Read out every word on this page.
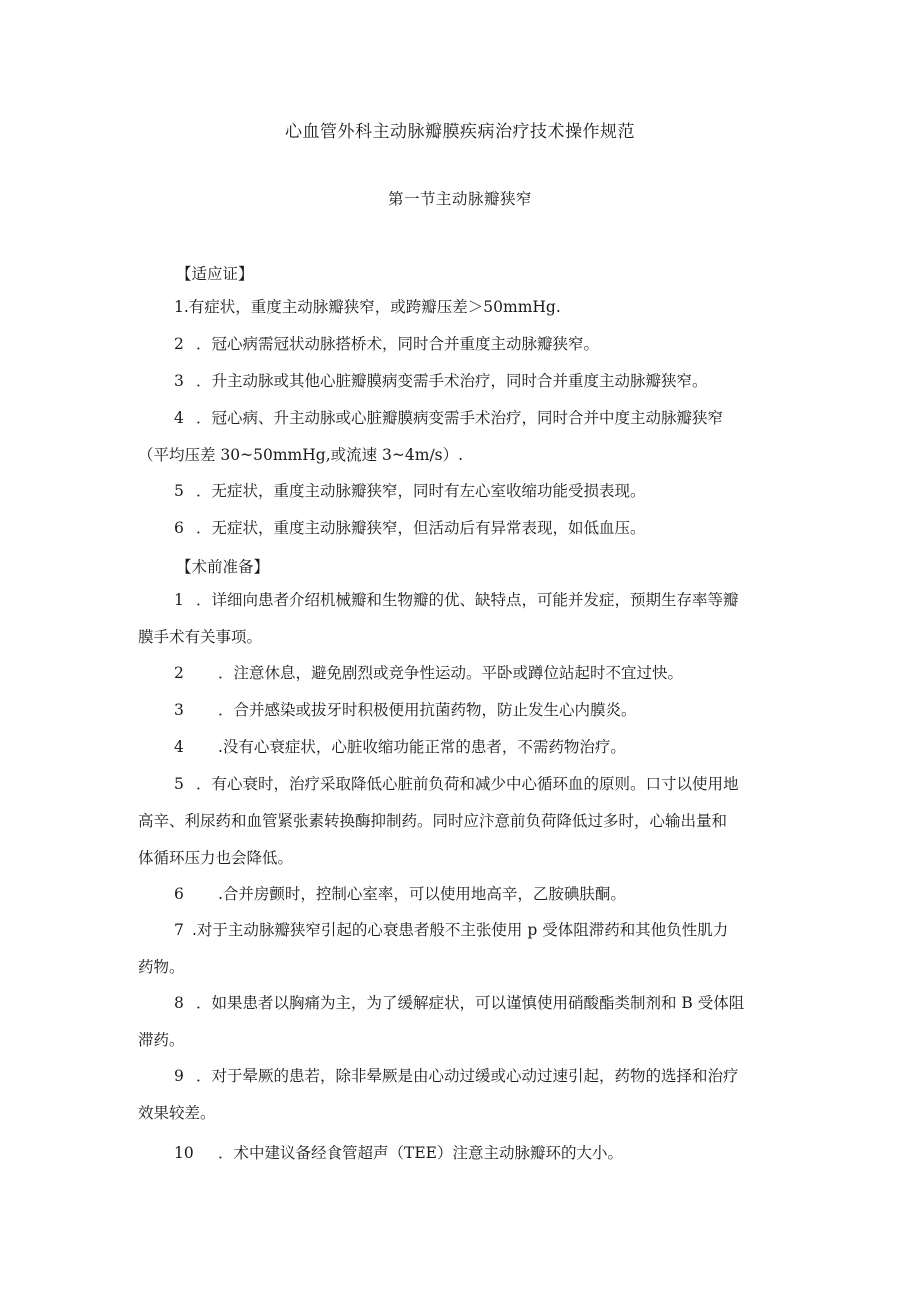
心血管外科主动脉瓣膜疾病治疗技术操作规范
第一节主动脉瓣狭窄
【适应证】
1.有症状，重度主动脉瓣狭窄，或跨瓣压差＞50mmHg.
2 ．冠心病需冠状动脉搭桥术，同时合并重度主动脉瓣狭窄。
3 ．升主动脉或其他心脏瓣膜病变需手术治疗，同时合并重度主动脉瓣狭窄。
4 ．冠心病、升主动脉或心脏瓣膜病变需手术治疗，同时合并中度主动脉瓣狭窄
（平均压差 30~50mmHg,或流速 3~4m∕s）.
5 ．无症状，重度主动脉瓣狭窄，同时有左心室收缩功能受损表现。
6 ．无症状，重度主动脉瓣狭窄，但活动后有异常表现，如低血压。
【术前准备】
1 ．详细向患者介绍机械瓣和生物瓣的优、缺特点，可能并发症，预期生存率等瓣
膜手术有关事项。
2 ．注意休息，避免剧烈或竞争性运动。平卧或蹲位站起时不宜过快。
3 ．合并感染或拔牙时积极便用抗菌药物，防止发生心内膜炎。
4 .没有心衰症状，心脏收缩功能正常的患者，不需药物治疗。
5 ．有心衰时，治疗采取降低心脏前负荷和减少中心循环血的原则。口寸以使用地
高辛、利尿药和血管紧张素转换酶抑制药。同时应汴意前负荷降低过多时，心输出量和
体循环压力也会降低。
6 .合并房颤时，控制心室率，可以使用地高辛，乙胺碘肤酮。
7 .对于主动脉瓣狭窄引起的心衰患者般不主张使用 p 受体阻滞药和其他负性肌力
药物。
8 ．如果患者以胸痛为主，为了缓解症状，可以谨慎使用硝酸酯类制剂和 B 受体阻
滞药。
9 ．对于晕厥的患若，除非晕厥是由心动过缓或心动过速引起，药物的选择和治疗
效果较差。
10 ．术中建议备经食管超声（TEE）注意主动脉瓣环的大小。
